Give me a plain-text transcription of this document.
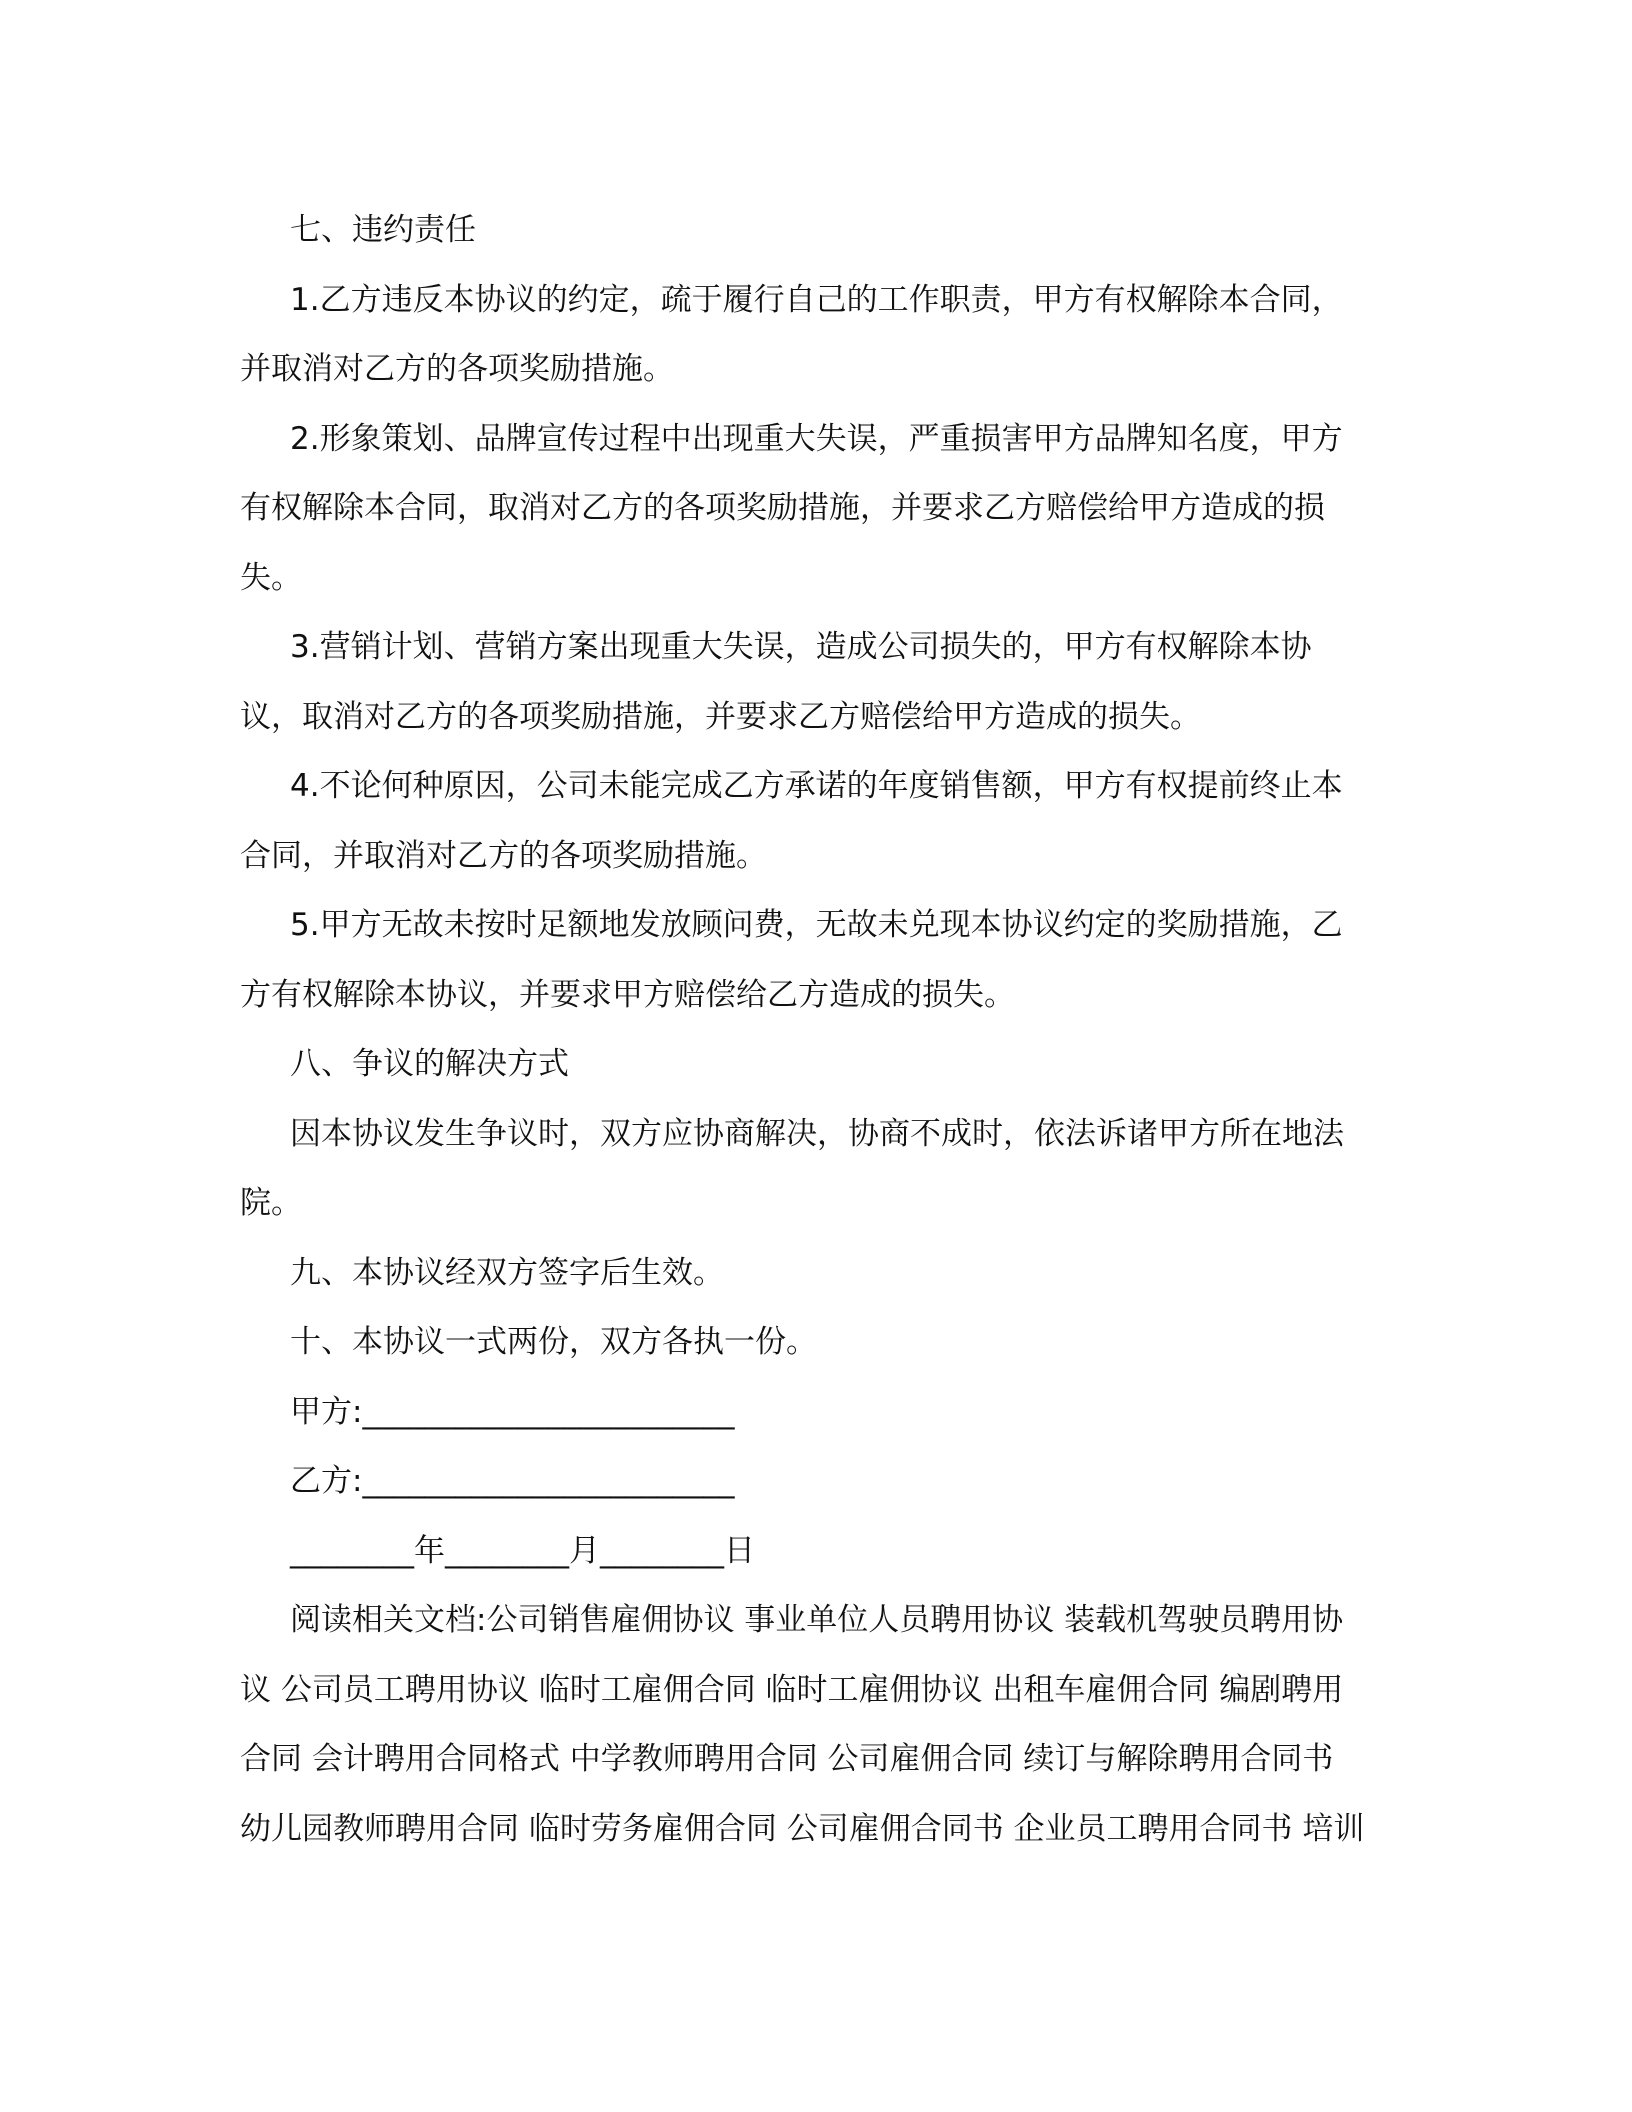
七、违约责任
1.乙方违反本协议的约定，疏于履行自己的工作职责，甲方有权解除本合同，
并取消对乙方的各项奖励措施。
2.形象策划、品牌宣传过程中出现重大失误，严重损害甲方品牌知名度，甲方
有权解除本合同，取消对乙方的各项奖励措施，并要求乙方赔偿给甲方造成的损
失。
3.营销计划、营销方案出现重大失误，造成公司损失的，甲方有权解除本协
议，取消对乙方的各项奖励措施，并要求乙方赔偿给甲方造成的损失。
4.不论何种原因，公司未能完成乙方承诺的年度销售额，甲方有权提前终止本
合同，并取消对乙方的各项奖励措施。
5.甲方无故未按时足额地发放顾问费，无故未兑现本协议约定的奖励措施，乙
方有权解除本协议，并要求甲方赔偿给乙方造成的损失。
八、争议的解决方式
因本协议发生争议时，双方应协商解决，协商不成时，依法诉诸甲方所在地法
院。
九、本协议经双方签字后生效。
十、本协议一式两份，双方各执一份。
甲方:________________________
乙方:________________________
________年________月________日
阅读相关文档:公司销售雇佣协议 事业单位人员聘用协议 装载机驾驶员聘用协
议 公司员工聘用协议 临时工雇佣合同 临时工雇佣协议 出租车雇佣合同 编剧聘用
合同 会计聘用合同格式 中学教师聘用合同 公司雇佣合同 续订与解除聘用合同书
幼儿园教师聘用合同 临时劳务雇佣合同 公司雇佣合同书 企业员工聘用合同书 培训
